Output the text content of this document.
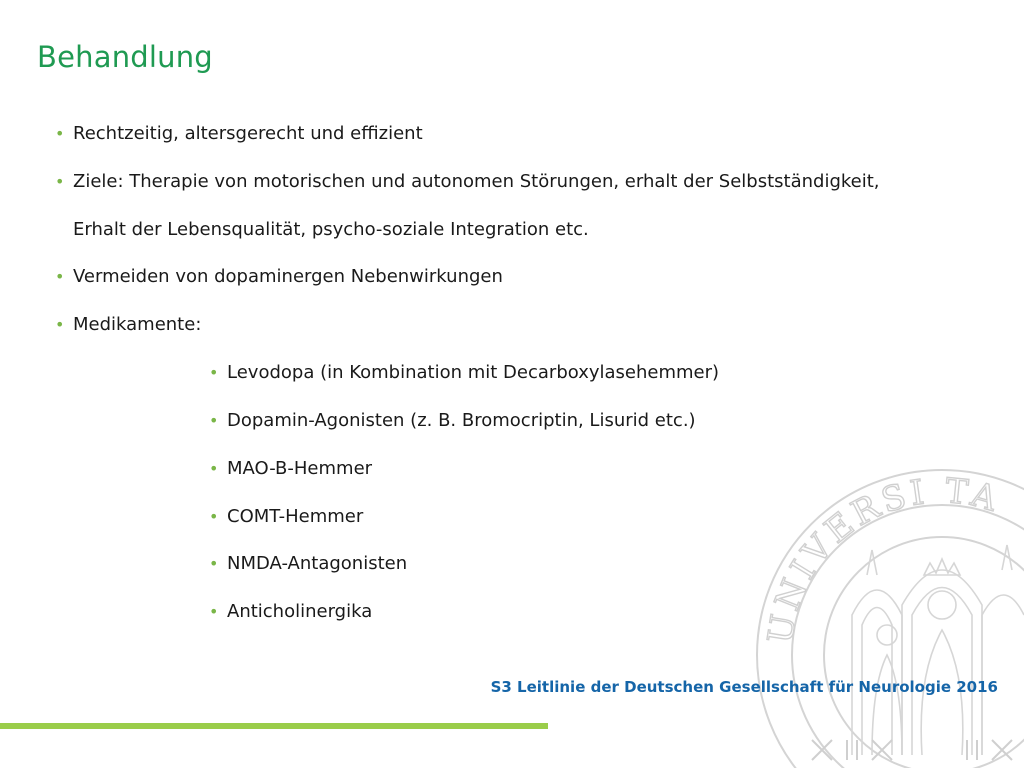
Behandlung
• Rechtzeitig, altersgerecht und effizient
• Ziele: Therapie von motorischen und autonomen Störungen, erhalt der Selbstständigkeit,
Erhalt der Lebensqualität, psycho-soziale Integration etc.
• Vermeiden von dopaminergen Nebenwirkungen
• Medikamente:
• Levodopa (in Kombination mit Decarboxylasehemmer)
• Dopamin-Agonisten (z. B. Bromocriptin, Lisurid etc.)
• MAO-B-Hemmer
• COMT-Hemmer
• NMDA-Antagonisten
• Anticholinergika	UNIVERSI TA
S3 Leitlinie der Deutschen Gesellschaft für Neurologie 2016
